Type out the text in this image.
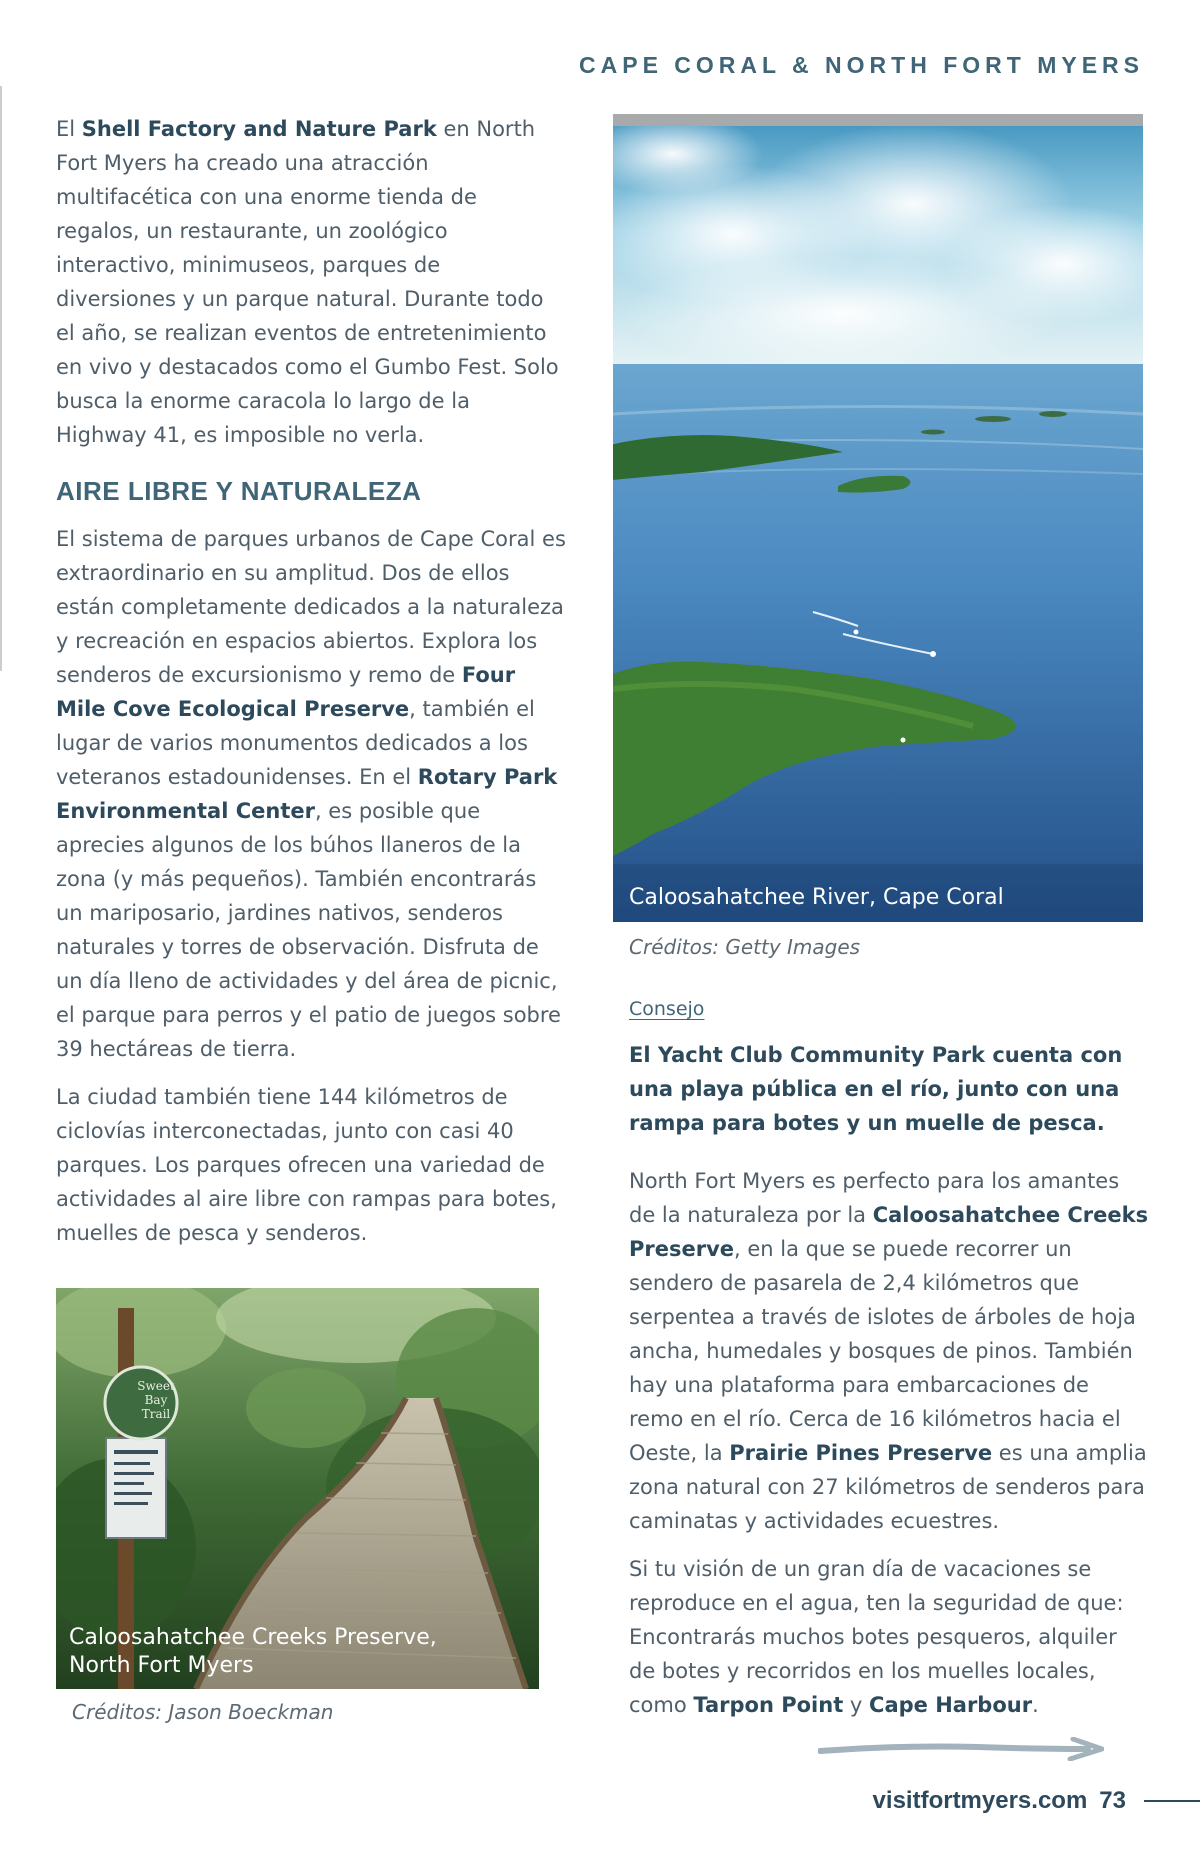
CAPE CORAL & NORTH FORT MYERS

El Shell Factory and Nature Park en North Fort Myers ha creado una atracción multifacética con una enorme tienda de regalos, un restaurante, un zoológico interactivo, minimuseos, parques de diversiones y un parque natural. Durante todo el año, se realizan eventos de entretenimiento en vivo y destacados como el Gumbo Fest. Solo busca la enorme caracola lo largo de la Highway 41, es imposible no verla.

AIRE LIBRE Y NATURALEZA

El sistema de parques urbanos de Cape Coral es extraordinario en su amplitud. Dos de ellos están completamente dedicados a la naturaleza y recreación en espacios abiertos. Explora los senderos de excursionismo y remo de Four Mile Cove Ecological Preserve, también el lugar de varios monumentos dedicados a los veteranos estadounidenses. En el Rotary Park Environmental Center, es posible que aprecies algunos de los búhos llaneros de la zona (y más pequeños). También encontrarás un mariposario, jardines nativos, senderos naturales y torres de observación. Disfruta de un día lleno de actividades y del área de picnic, el parque para perros y el patio de juegos sobre 39 hectáreas de tierra.

La ciudad también tiene 144 kilómetros de ciclovías interconectadas, junto con casi 40 parques. Los parques ofrecen una variedad de actividades al aire libre con rampas para botes, muelles de pesca y senderos.

Caloosahatchee River, Cape Coral
Créditos: Getty Images
Consejo
El Yacht Club Community Park cuenta con una playa pública en el río, junto con una rampa para botes y un muelle de pesca.

North Fort Myers es perfecto para los amantes de la naturaleza por la Caloosahatchee Creeks Preserve, en la que se puede recorrer un sendero de pasarela de 2,4 kilómetros que serpentea a través de islotes de árboles de hoja ancha, humedales y bosques de pinos. También hay una plataforma para embarcaciones de remo en el río. Cerca de 16 kilómetros hacia el Oeste, la Prairie Pines Preserve es una amplia zona natural con 27 kilómetros de senderos para caminatas y actividades ecuestres.

Si tu visión de un gran día de vacaciones se reproduce en el agua, ten la seguridad de que: Encontrarás muchos botes pesqueros, alquiler de botes y recorridos en los muelles locales, como Tarpon Point y Cape Harbour.

Sweet Bay
Trail
Caloosahatchee Creeks Preserve,
North Fort Myers
Créditos: Jason Boeckman
visitfortmyers.com 73
